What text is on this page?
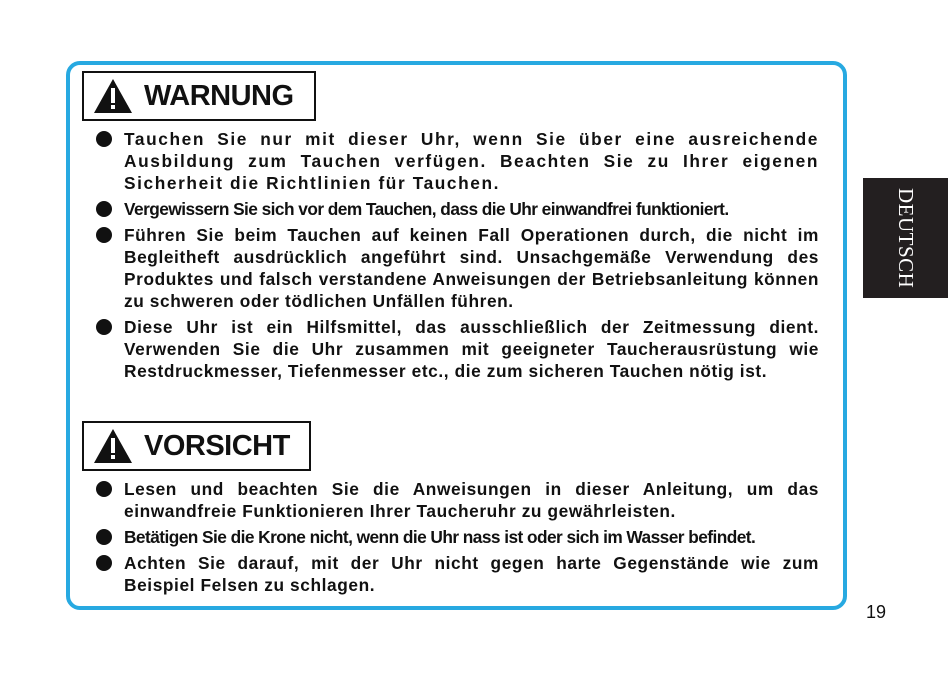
WARNUNG
Tauchen Sie nur mit dieser Uhr, wenn Sie über eine ausreichende Ausbildung zum Tauchen verfügen. Beachten Sie zu Ihrer eigenen Sicherheit die Richtlinien für Tauchen.
Vergewissern Sie sich vor dem Tauchen, dass die Uhr einwandfrei funktioniert.
Führen Sie beim Tauchen auf keinen Fall Operationen durch, die nicht im Begleitheft ausdrücklich angeführt sind. Unsachgemäße Verwendung des Produktes und falsch verstandene Anweisungen der Betriebsanleitung können zu schweren oder tödlichen Unfällen führen.
Diese Uhr ist ein Hilfsmittel, das ausschließlich der Zeitmessung dient. Verwenden Sie die Uhr zusammen mit geeigneter Taucherausrüstung wie Restdruckmesser, Tiefenmesser etc., die zum sicheren Tauchen nötig ist.
VORSICHT
Lesen und beachten Sie die Anweisungen in dieser Anleitung, um das einwandfreie Funktionieren Ihrer Taucheruhr zu gewährleisten.
Betätigen Sie die Krone nicht, wenn die Uhr nass ist oder sich im Wasser befindet.
Achten Sie darauf, mit der Uhr nicht gegen harte Gegenstände wie zum Beispiel Felsen zu schlagen.
DEUTSCH
19
